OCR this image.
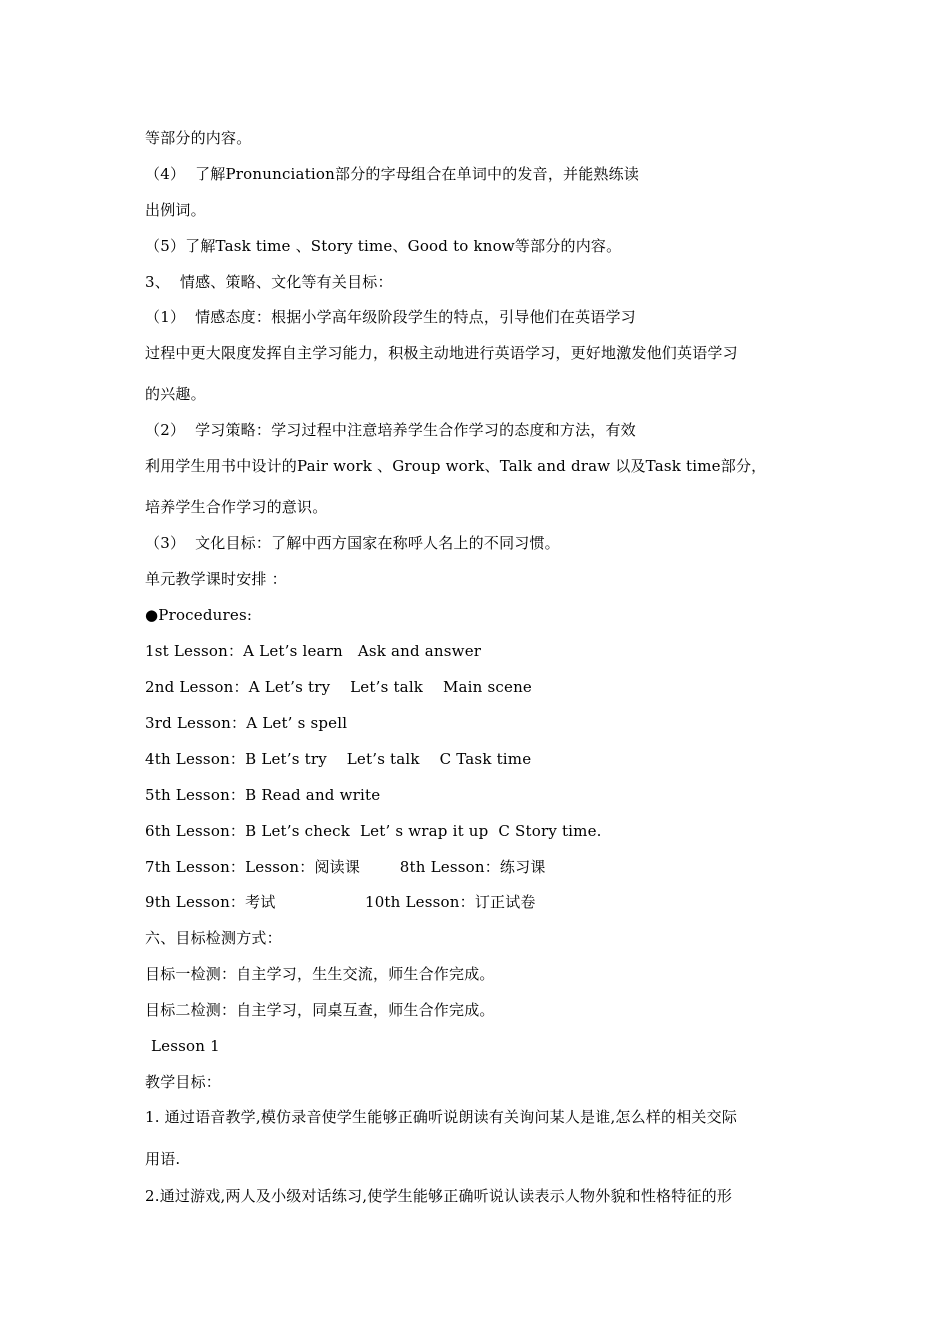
等部分的内容。
（4）  了解Pronunciation部分的字母组合在单词中的发音，并能熟练读
出例词。
（5）了解Task time 、Story time、Good to know等部分的内容。
3、  情感、策略、文化等有关目标：
（1）  情感态度：根据小学高年级阶段学生的特点，引导他们在英语学习
过程中更大限度发挥自主学习能力，积极主动地进行英语学习，更好地激发他们英语学习
的兴趣。
（2）  学习策略：学习过程中注意培养学生合作学习的态度和方法，有效
利用学生用书中设计的Pair work 、Group work、Talk and draw 以及Task time部分，
培养学生合作学习的意识。
（3）  文化目标：了解中西方国家在称呼人名上的不同习惯。
单元教学课时安排 ：
●Procedures:
1st Lesson：A Let’s learn   Ask and answer
2nd Lesson：A Let’s try    Let’s talk    Main scene
3rd Lesson：A Let’ s spell
4th Lesson：B Let’s try    Let’s talk    C Task time
5th Lesson：B Read and write
6th Lesson：B Let’s check  Let’ s wrap it up  C Story time.
7th Lesson：Lesson：阅读课        8th Lesson：练习课
9th Lesson：考试                  10th Lesson：订正试卷
六、目标检测方式：
目标一检测：自主学习，生生交流，师生合作完成。
目标二检测：自主学习，同桌互查，师生合作完成。
Lesson 1
教学目标：
1. 通过语音教学,模仿录音使学生能够正确听说朗读有关询问某人是谁,怎么样的相关交际
用语.
2.通过游戏,两人及小级对话练习,使学生能够正确听说认读表示人物外貌和性格特征的形
